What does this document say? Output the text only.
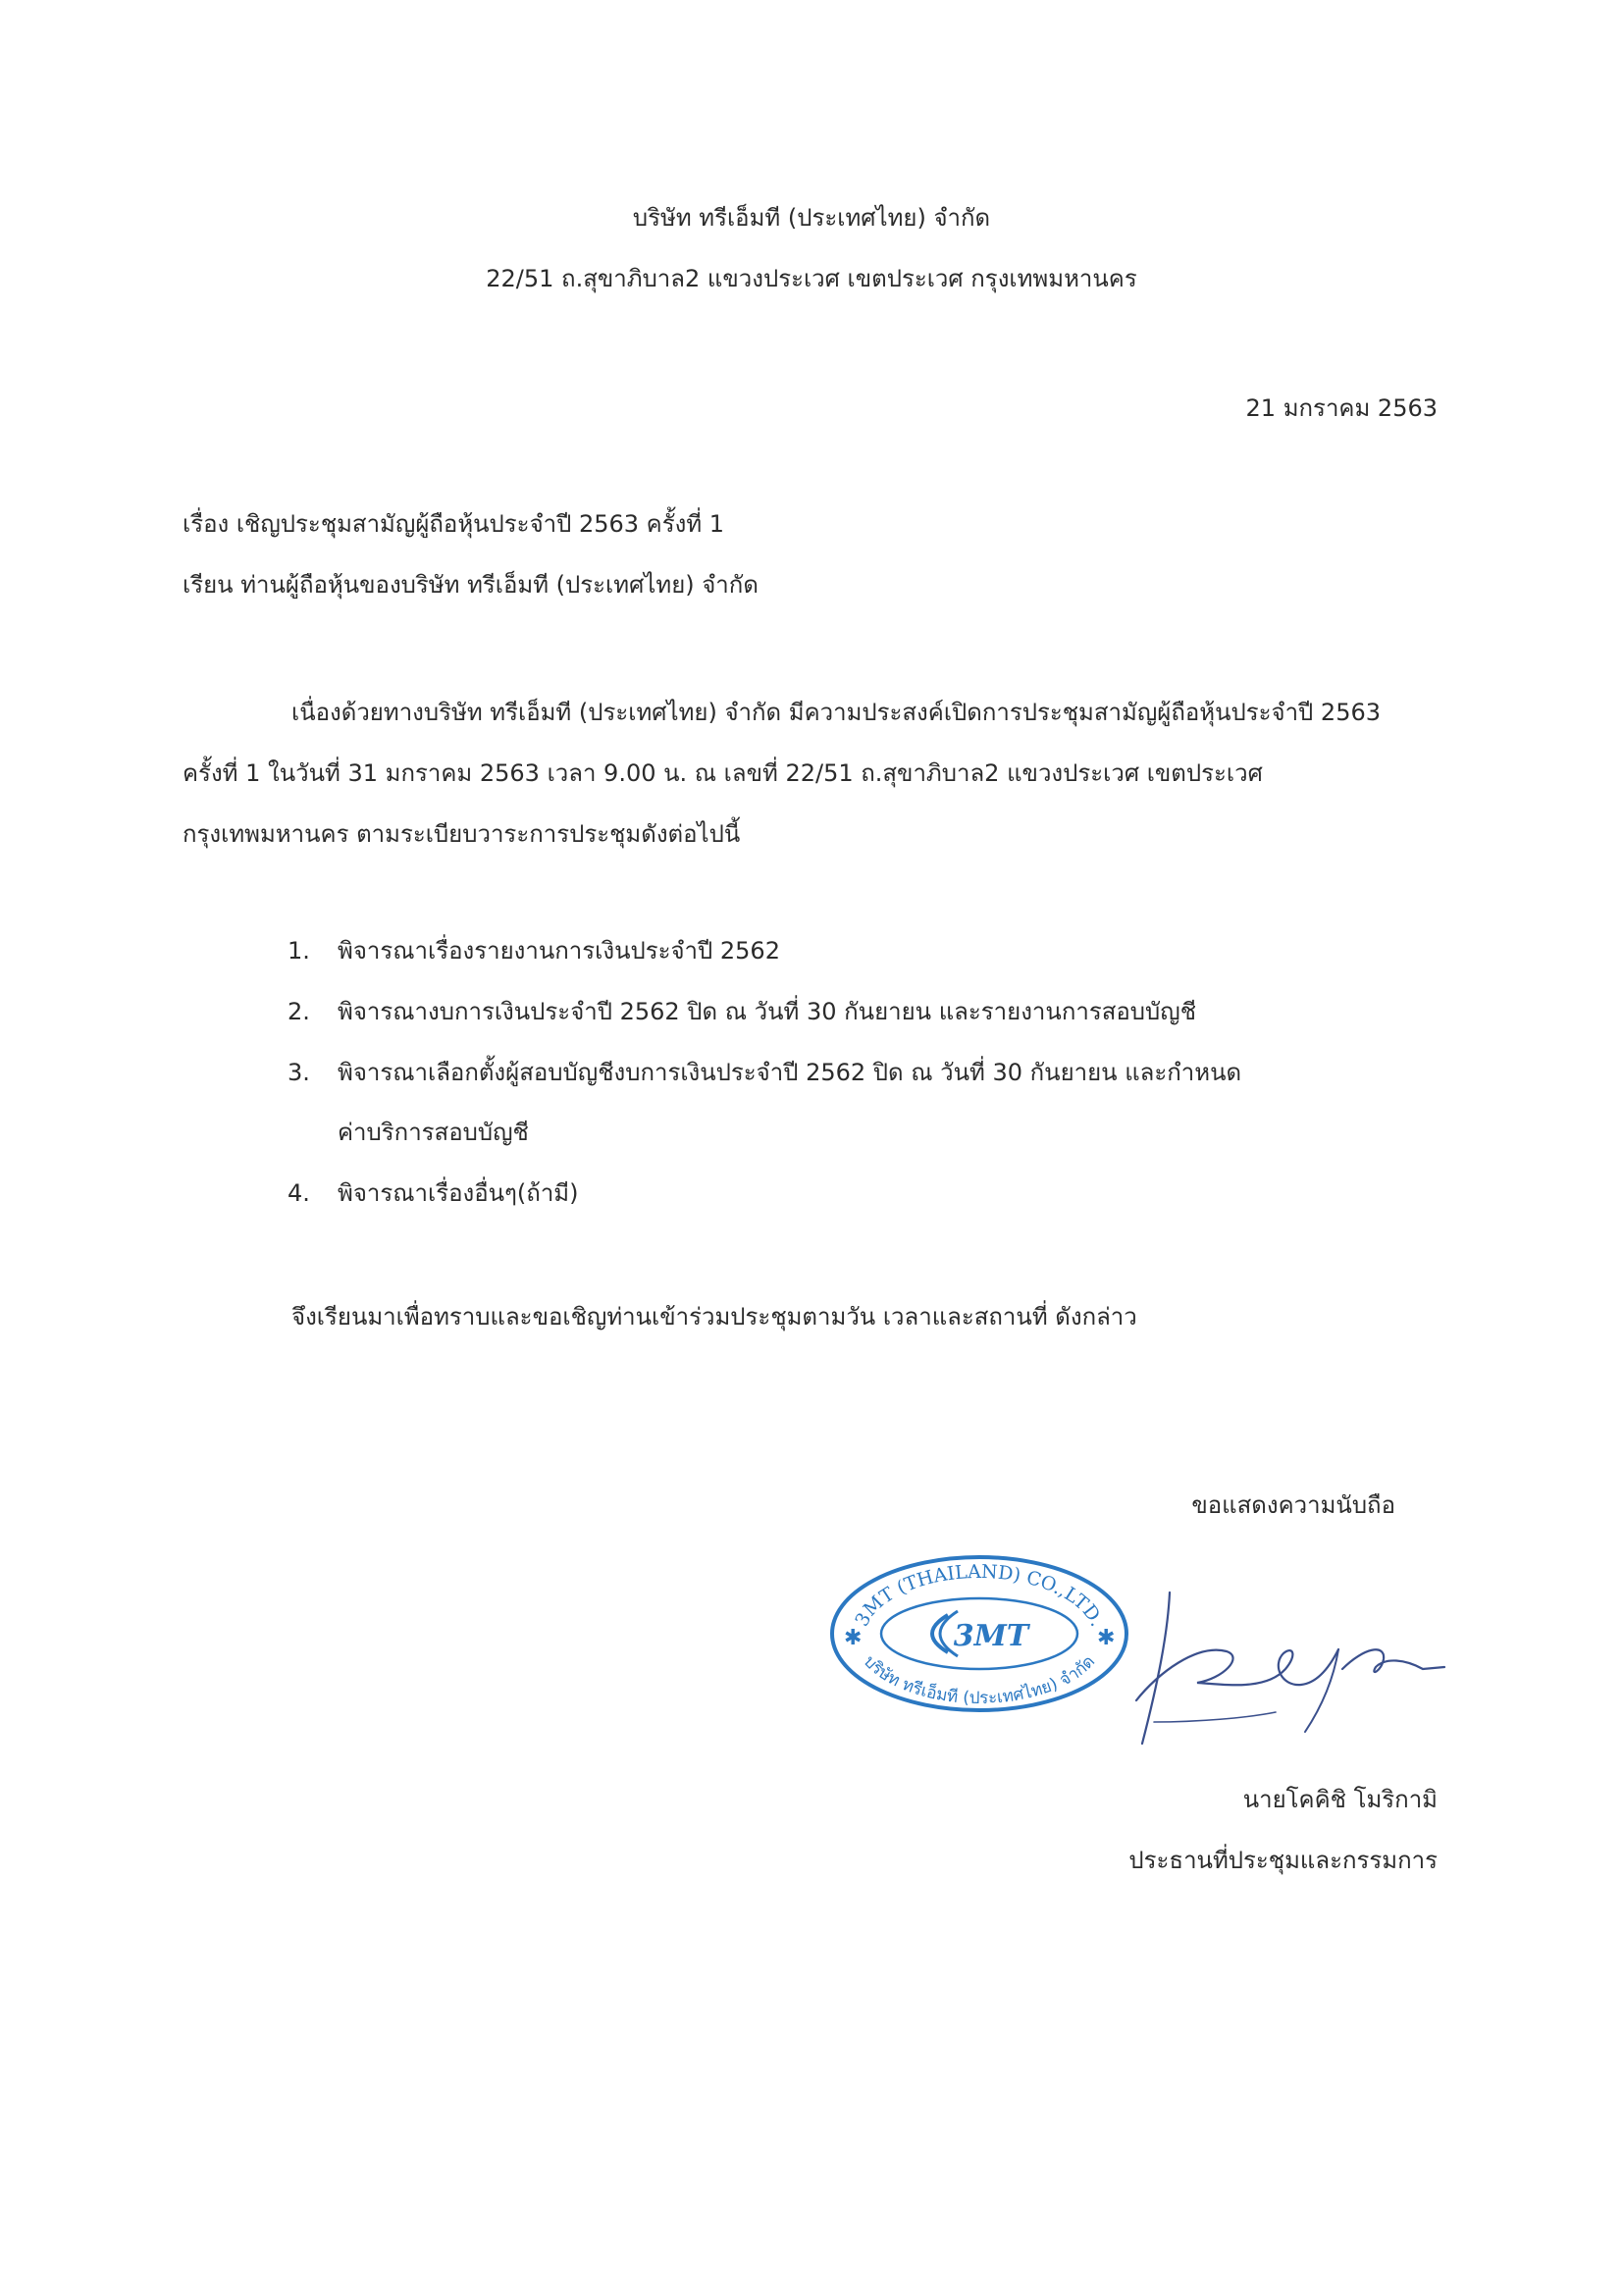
บริษัท ทรีเอ็มที (ประเทศไทย) จำกัด
22/51 ถ.สุขาภิบาล2 แขวงประเวศ เขตประเวศ กรุงเทพมหานคร
21 มกราคม 2563
เรื่อง เชิญประชุมสามัญผู้ถือหุ้นประจำปี 2563 ครั้งที่ 1
เรียน ท่านผู้ถือหุ้นของบริษัท ทรีเอ็มที (ประเทศไทย) จำกัด
เนื่องด้วยทางบริษัท ทรีเอ็มที (ประเทศไทย) จำกัด มีความประสงค์เปิดการประชุมสามัญผู้ถือหุ้นประจำปี 2563
ครั้งที่ 1 ในวันที่ 31 มกราคม 2563 เวลา 9.00 น. ณ เลขที่ 22/51 ถ.สุขาภิบาล2 แขวงประเวศ เขตประเวศ
กรุงเทพมหานคร ตามระเบียบวาระการประชุมดังต่อไปนี้
1. พิจารณาเรื่องรายงานการเงินประจำปี 2562
2. พิจารณางบการเงินประจำปี 2562 ปิด ณ วันที่ 30 กันยายน และรายงานการสอบบัญชี
3. พิจารณาเลือกตั้งผู้สอบบัญชีงบการเงินประจำปี 2562 ปิด ณ วันที่ 30 กันยายน และกำหนด
ค่าบริการสอบบัญชี
4. พิจารณาเรื่องอื่นๆ(ถ้ามี)
จึงเรียนมาเพื่อทราบและขอเชิญท่านเข้าร่วมประชุมตามวัน เวลาและสถานที่ ดังกล่าว
ขอแสดงความนับถือ
✱	✱
3MT (THAILAND) CO.,LTD.
3MT
บริษัท ทรีเอ็มที (ประเทศไทย) จำกัด
นายโคคิชิ โมริกามิ
ประธานที่ประชุมและกรรมการ
